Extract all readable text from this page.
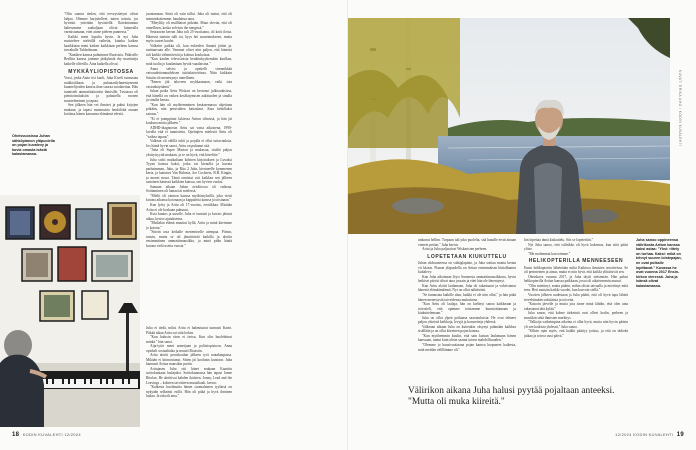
"Olin saanut tiedon, että terveystietyni olivat lahjaa. Olimme harjoitelleet, miten toimia, jos hyvästit yritetään hyvästellä. Ikäväntunnun haltesamme saakaljaan olivat lainavalla varmistumaan, ettei aione pieleen pannessa."

Kaikki meni lopulta hyvin. Ja nyt Juha muisteleee nieleällä vaiheita, kuinka kaiken kaaikkiaan meni kaiken kaikkiaan perhem kanssa turvahalle Tukholmaan.

"Kaniken kanssa puhuimme Ruotsista. Pitkiselle Berlliin kanssa joimme jääkylmää dry martinieja kaikelle olfreilla. Aina kaikella olivat.

MYKKÄYLIOPISTOSSA

Vossi, joska Aatto itsi kuoli, Juha Kiveli tunnustaa nuikkialihaan ja puhuaarilyhmentyneenä kuuntelijoiden kanssa ihan suoraa suodatettua. Hän tunnisteli ammattitaitoisiin ihmisille, Tuvaassa oli pienitoimituksiin ja palautella monen muisteleminen ja tapasi.

Sen jälkeen hän vei ihmiset ja puhui kirjojen mukaan, ja tapasi moninaisia henkilöitä omaan kotiinsa hänen kansansa elämänsä edestä.

juontamaan. Siinä oli vain tullut. Juha oli tuntui, että oli menninkotiemme, haudattua aura.

"Mieyliky oli mallilaiset pitkään. Muut oleviat, että oli onnellisen, koska selvisin ihe nengissä."

Seuraavan kerran Juha tuli 25-vuotiaana, oli koiti ilosta. Hänessä tuntuin tulli tai, hyys hei suurennukseen, mutta myös suuret kuulet.

Valkeiiri paikka oli, kun enkeiden Annaiä jättiet ja. nutttunvaan alle. Vammat oliset niin paljon, että hänestä tuli kaikki vähentävistä ja kohtuu koukoisaa.

"Kun kaulen televisioista henkiinkyykemään kuulkaa, mitä tuolta jo kuulantaan hyvää vaaalaisina."

Anna selvisi ja opettelli sirennikkää vaivaudettomuudeksen tuttäskaiveitinsa. Näin kirkkain Satsiin oli menestynyt onnellinen.

"Ennen jää taloveen myhkaamaan, vaiki tota vastonkäyttämä."

Juhan poika Arttu Wiskari on kertonut julkisuuksissa, että hänellä on vaikea kesäkttymisen aakituuden ja sinulla ja sinulla kertaa.

"Kun hän oli myöhemminen kesäasemassa ohjeitana pitkään, niin peruvaikea kaitaalaut. Aina kehollaksi sairaus."

"Ei ei pomppinut lukiessa Arttun silmissä, ja hän jäi kouluna muita jälkeen."

ADHD-diagnoosin Arttu sai vasta aikuisena, 1990-luvulla eitä ei tunnistettu. Opettajien mielestä Arttu oli "vaikea tapaus".

Valkeaa oli välillä tuhti ja pojalla ei ollut tuttavuuksia. Jos häntä hyvin sanot, Arttu on puhunut sitä.

"Juha eli Super Marion ja mukavaa, sisältä paljon yksityisyyttä mukaan, ja se on hyvä, että kävelitte."

Juha soitti matkaltaan kolmen kirjoituksen ja Luvaksi Tyyan kanssa kaksi, jotka sai hienolla ja kuvata parhaimman, Juho, ja Rita 2 Juha, kiertueelle kymmenen kerta, ja laatuiset Van Halenia, Joe Cockerin, B.B. Kingin, ja monet muut. Tämä onnistui osti kaikkea sen jälkeen sanoinen hänessä kaikkien kanssa, sen hyvien vuoksi.

Samaan aikaan Juhan aviolitossa oli vaikeaa. Soittaminen oli lainaa tai mielessä.

"Mielit oli vaimon kanssa myöhästyksillä, joka vietti kotona aikansa kotonaan ja kappaleita kanssa ja toisinaan."

Kun lyöty ja Arttu oli 17-vuotias, erotiikkaa. Mistään Arttu ei ole koskaan puhunut.

Kusi kuutos ja uuselle. Juha ei tunnisti ja kuvasi jätinsä aikaa, kertoo ajatuksensa.

"Mullakin elämä muuttui kyllä, Arttu ja minä kävimme jo kotona."

"Siirrin osia keikalle menemiselle aiempaa. Piirsin, tunsin, mutta se oli jännittävää kaikilla ja aloitin ensimmäinen ammattimuusikko, ja minä pidin häntä kotona vielä useita vuosia."

Juha ei tiedä, miksi Arttu ei hakeutunut tunnusti Karin. Pitkää aikaa Arttu sai siitä kokea.

"Kun halusin siten ei tietoa, Kun olin huolehtinut minkä." hän sanoi.

Aija-tytär meni armeijaan ja poliisiopistoon, Anna opiskeli sosiaalialaa ja muutti Ruotsiin.

Arttu aloitti peruskoulun jälkeen työt rautakaupassa. Mikään ei kiinnostanut. Sitten jäi koulutus kuntoon. Juha kannusti Arttua muusikin pariin.

Arttujasen Juha otti hänet mukaan Kaarttin soittokuntaan laulajaksi. Soittokunnassa hän tapasi Janne Ritolan. He aloittivat kahden ikäisten. Jonny, Lead and the Leavings – kolmen tavoitteen muusikaali, kertoo.

"Kaikesta huolimatta hänen suomalainen tyylinsä on nykyään selkeästi esillä. Hän oli pitkä ja hyvä ihminen laulaa. Ja rukoili aina."

Oheisvuosissa Juhan sähköpianon yläpuolella on pojan kuvalevy ja kuvia omasta isästä kalastamassa.
18 KODIN KUVALEHTI 12/2024
KUVAT: ERIKA AHO / KODIN KUVALEHTI
Juha sanoo oppineensa välirikosta Arttun kanssa kaksi asiaa: "Yksi: riitely on turhaa. Kaksi: mikä on tehnyt suuren loistepajan, ne ovat poikalle lopittavat." Kuvassa he ovat vuonna 2017 Ensin-kirkon vieressä. Juha ja isänsä olivat kalastamassa.

unkonut hellim. Turpaan tuli joka puolelta, sitä hanalle eivät ainaan vieneet pettiat," Juha kertoo.

Arttu ja Juha paljastivat Wiskaristen perheen.

LOPETETAAN KIUKUTTELU

Juhan olohuoneessa on vahtiglapinto, ja Juha soittaa monta kertaa vii kkoon. Pianon yläpuolella on Arttun ensimmäisen hittialbumin kultalevy.

Kun Juha aikoinaan löysi Suomesta ammattimuusikkona, hyvin hetkiset päivät olivat aina jossain ja ettei hän ole ilmentynyt.

Kun Arttu aloitti laulamaan, Juha oli rakastunut ja vahvistanut hänestä elämäämäänsä. Nyt on ollut nähtävästi.

"Se tunnustaa kaikille alun, kaikki ei ole niin ollut," ja hän pitää hänen menestystä toiveidensa mukaisena.

"Kun Arttu oli laulaja, hän on kielinyt sanoa kaikkeaan ja toivotteli, että opimme toisiamme kunnioittamaan ja kiukuttelemaan."

Juha on ollut ylpeä poikansa saavutuksista. He ovat tehneet paljon yhteisiä keikkoja, levyjä ja konsertteja yhdessä.

Valkeaan aikaan Juha on kuitenkin väsynyt pitämään kaikkea sisällään ja on ollut kiireinen pojan kanssa.

"Kun myöhemmin kuulin, että sain kutsun laulamaan hänen kanssaan, tuntui kuin olisin saanut toisen mahdollisuuden."

"Olemme jo kuusivuotiaana pojan kanssa luopuneet kaikesta, mitä meidän välillämme oli."

hin lopettaa tämä kiukuttelu. Siis se lopetettiin."

Nyt Juha sanoo, että välirikko oli hyvä kokemus, kun siitä pääsi ylitse.

"Me molemmat kasvoimme."

HELIKOPTERILLA MENNEESEEN

Ensin helikopteriin lähetetään mikä Kaikissa ihmisten tavoitteissa. Se oli perinteinen ja ainoa, mutta ei niin hyvä, että kaikki ylittäisivät sen.

Oheiskuva vuonna 2017, ja Juha täytti seitsemän. Hän palasi helikopterilla Arttun kanssa paikkaan, jossa oli aikaisemmin asunut.

"Olin miettinyt, mutta päätin, mihin olisin taivaalla ja miettinyt mitä teen. Heti muistin kaikki vuodet, kun kasvoin siellä."

Vuosien jälkeen uudestaan ja Juha päätti, että oli hyvä tapa lähteä tervehtimään sukulaisia ja toiveita.

"Katsoin järvelle ja mutta jota sinne minä lähdin, että olen aina rakastanut tätä kylää."

Juha sanoo, että kolme tärkeintä ovat olleet kodin, perheen ja musiikin sekä ihmisten merkitys.

"Valkoija vaikeimpina aikoina ei ollut hyvä, mutta niin hyvin pääsin yli sen kaikista yhdessä," Juha sanoo.

"Silloin opin myös, että kaikki päättyy joskus, ja että on tärkeää jatkaa ja toivoa uusi päivä."

Välirikon aikana Juha halusi pyytää pojaltaan anteeksi. "Mutta oli muka kiireitä."
12/2024 KODIN KUVALEHTI 19
